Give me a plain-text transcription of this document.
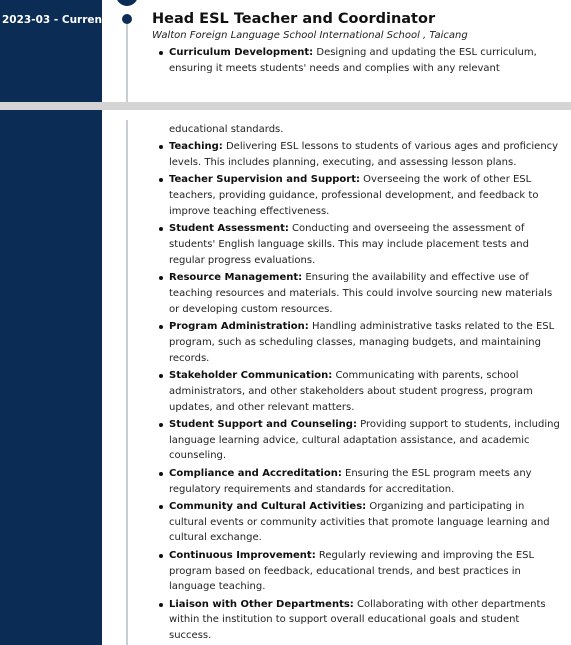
2023-03 - Current	Head ESL Teacher and Coordinator
Walton Foreign Language School International School , Taicang
Curriculum Development: Designing and updating the ESL curriculum, ensuring it meets students' needs and complies with any relevant
educational standards.
Teaching: Delivering ESL lessons to students of various ages and proficiency levels. This includes planning, executing, and assessing lesson plans.
Teacher Supervision and Support: Overseeing the work of other ESL teachers, providing guidance, professional development, and feedback to improve teaching effectiveness.
Student Assessment: Conducting and overseeing the assessment of students' English language skills. This may include placement tests and regular progress evaluations.
Resource Management: Ensuring the availability and effective use of teaching resources and materials. This could involve sourcing new materials or developing custom resources.
Program Administration: Handling administrative tasks related to the ESL program, such as scheduling classes, managing budgets, and maintaining records.
Stakeholder Communication: Communicating with parents, school administrators, and other stakeholders about student progress, program updates, and other relevant matters.
Student Support and Counseling: Providing support to students, including language learning advice, cultural adaptation assistance, and academic counseling.
Compliance and Accreditation: Ensuring the ESL program meets any regulatory requirements and standards for accreditation.
Community and Cultural Activities: Organizing and participating in cultural events or community activities that promote language learning and cultural exchange.
Continuous Improvement: Regularly reviewing and improving the ESL program based on feedback, educational trends, and best practices in language teaching.
Liaison with Other Departments: Collaborating with other departments within the institution to support overall educational goals and student success.
